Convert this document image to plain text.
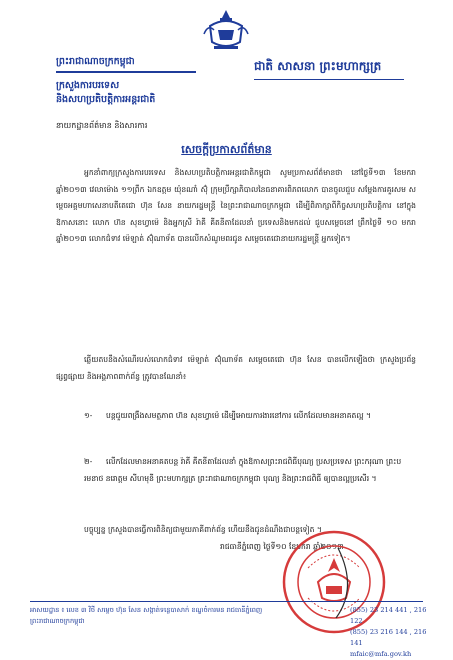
ព្រះរាជាណាចក្រកម្ពុជា
ក្រសួងការបរទេស
និងសហប្រតិបត្តិការអន្តរជាតិ
ជាតិ សាសនា ព្រះមហាក្សត្រ
នាយកដ្ឋានព័ត៌មាន និងសារការ
សេចក្តីប្រកាសព័ត៌មាន
អ្នកនាំពាក្យក្រសួងការបរទេស និងសហប្រតិបត្តិការអន្តរជាតិកម្ពុជា សូមប្រកាសព័ត៌មានថា នៅថ្ងៃទី១៣ ខែមករា ឆ្នាំ២០១៣ វេលាម៉ោង ១១ព្រឹក ឯកឧត្តម យ៉ុនណាំ ស៊ុំ ក្រុមប្រឹក្សាភិបាលនៃធនាគារពិភពលោក បានចូលជួប សម្តែងការគួរសម សម្តេចអគ្គមហាសេនាបតីតេជោ ហ៊ុន សែន នាយករដ្ឋមន្ត្រី នៃព្រះរាជាណាចក្រកម្ពុជា ដើម្បីពិភាក្សាពីកិច្ចសហប្រតិបត្តិការ នៅក្នុងឱកាសនោះ លោក ហ៊ន សុខហ្វាម៉េ និងអ្នកស្រី រ៉ាគី គីតនីតាដែលនាំ ប្រទេសនិងមកដល់ ជួបសម្តេចនៅ ព្រឹកថ្ងៃទី ១០ មករា ឆ្នាំ២០១៣ លោកជំទាវ ម៉េឡាត់ ស៊ុំណាទ័ត បានលើកសំណូមពរជូន សម្តេចតេជោនាយករដ្ឋមន្ត្រី អ្នកទៀត។
ឆ្លើយតបនឹងសំណើរបស់លោកជំទាវ ម៉េឡាត់ ស៊ុំណាទ័ត សម្តេចតេជោ ហ៊ុន សែន បានលើកឡើងថា ក្រសួងប្រព័ន្ធផ្សព្វផ្សាយ និងអង្គភាពពាក់ព័ន្ធ ត្រូវបានណែនាំ៖
១- បន្តជួយពង្រឹងសមត្ថភាព ហ៊ន សុខហ្វាម៉េ ដើម្បីអោយការងារនៅការ លើកដែលមានអនាគតល្អ ។
២- លើកដែលមានអនាគតបន្ត រ៉ាគី គីតនីតាដែលនាំ ក្នុងឱកាសព្រះរាជពិធីបុណ្យ ប្រសប្រទេស ព្រះករុណា ព្រះបរមនាថ នរោត្តម សីហមុនី ព្រះមហាក្សត្រ ព្រះរាជាណាចក្រកម្ពុជា បុណ្យ និងព្រះរាជពិធី ឲ្យបានល្អប្រសើរ ។
បច្ចុប្បន្ន ក្រសួងបានធ្វើការពិនិត្យជាមួយភាគីពាក់ព័ន្ធ ហើយនឹងជូនដំណឹងជាបន្តទៀត ។
រាជធានីភ្នំពេញ ថ្ងៃទី១០ ខែមករា ឆ្នាំ២០១៣
អាសយដ្ឋាន ៖ លេខ ៣ វិថី សម្តេច ហ៊ុន សែន សង្កាត់ទន្លេបាសាក់ ខណ្ឌចំការមន រាជធានីភ្នំពេញ ព្រះរាជាណាចក្រកម្ពុជា
(855) 23 214 441 , 216 122
(855) 23 216 144 , 216 141
mfaic@mfa.gov.kh
